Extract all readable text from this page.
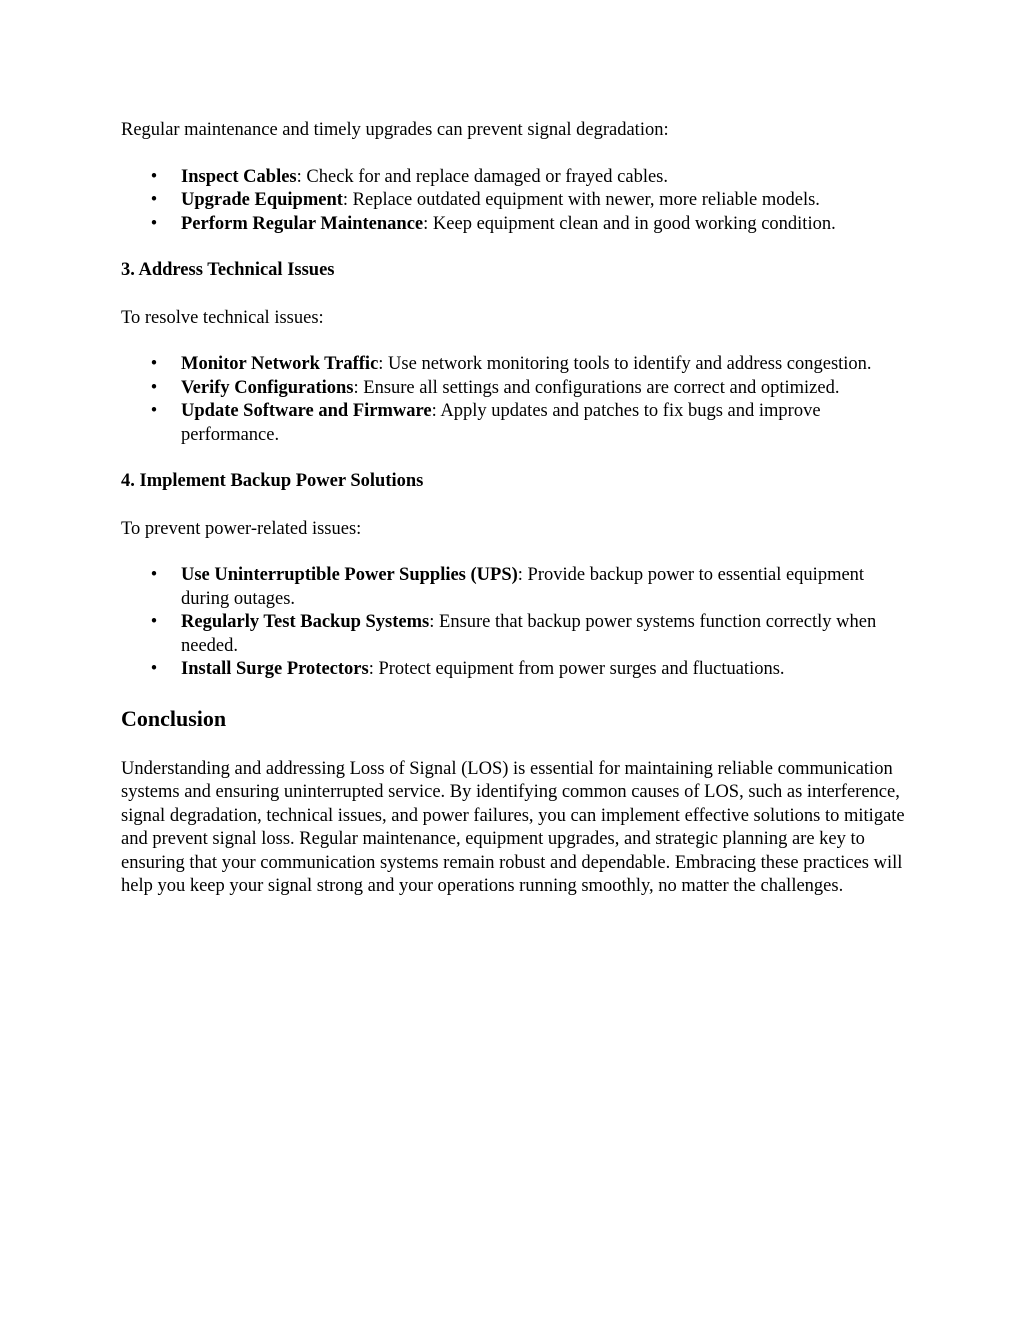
Regular maintenance and timely upgrades can prevent signal degradation:

• Inspect Cables: Check for and replace damaged or frayed cables.
• Upgrade Equipment: Replace outdated equipment with newer, more reliable models.
• Perform Regular Maintenance: Keep equipment clean and in good working condition.
3. Address Technical Issues

To resolve technical issues:

• Monitor Network Traffic: Use network monitoring tools to identify and address congestion.
• Verify Configurations: Ensure all settings and configurations are correct and optimized.
• Update Software and Firmware: Apply updates and patches to fix bugs and improve performance.
4. Implement Backup Power Solutions

To prevent power-related issues:

• Use Uninterruptible Power Supplies (UPS): Provide backup power to essential equipment during outages.
• Regularly Test Backup Systems: Ensure that backup power systems function correctly when needed.
• Install Surge Protectors: Protect equipment from power surges and fluctuations.
Conclusion

Understanding and addressing Loss of Signal (LOS) is essential for maintaining reliable communication systems and ensuring uninterrupted service. By identifying common causes of LOS, such as interference, signal degradation, technical issues, and power failures, you can implement effective solutions to mitigate and prevent signal loss. Regular maintenance, equipment upgrades, and strategic planning are key to ensuring that your communication systems remain robust and dependable. Embracing these practices will help you keep your signal strong and your operations running smoothly, no matter the challenges.
